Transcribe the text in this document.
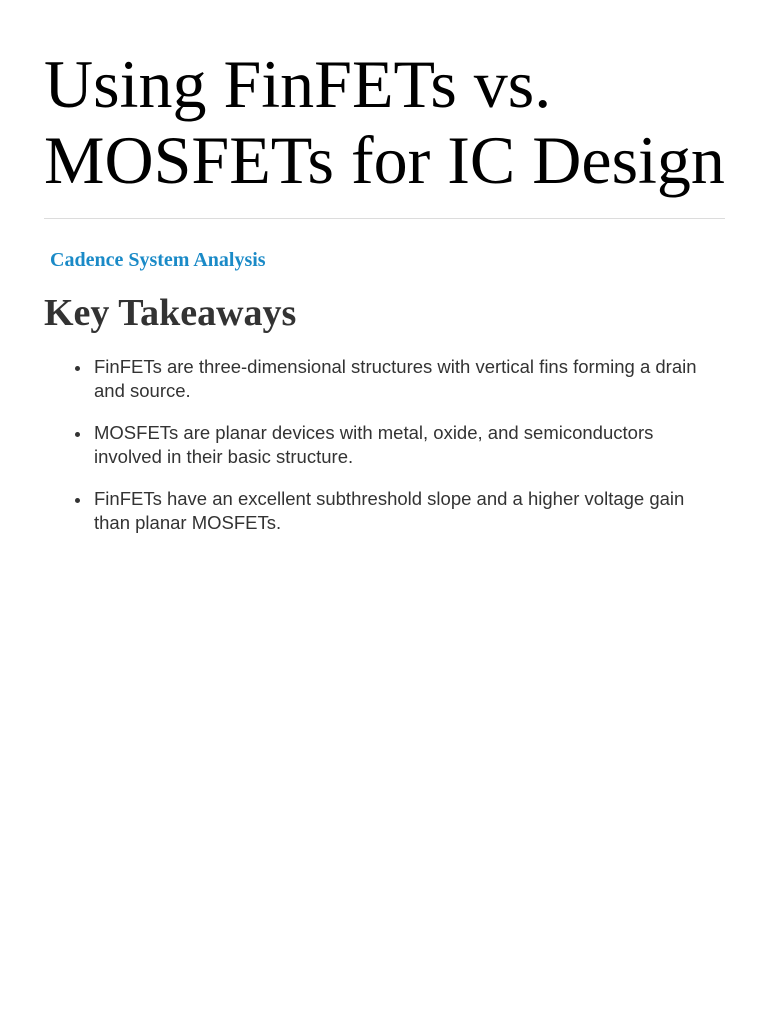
Using FinFETs vs. MOSFETs for IC Design
Cadence System Analysis
Key Takeaways
FinFETs are three-dimensional structures with vertical fins forming a drain and source.
MOSFETs are planar devices with metal, oxide, and semiconductors involved in their basic structure.
FinFETs have an excellent subthreshold slope and a higher voltage gain than planar MOSFETs.
